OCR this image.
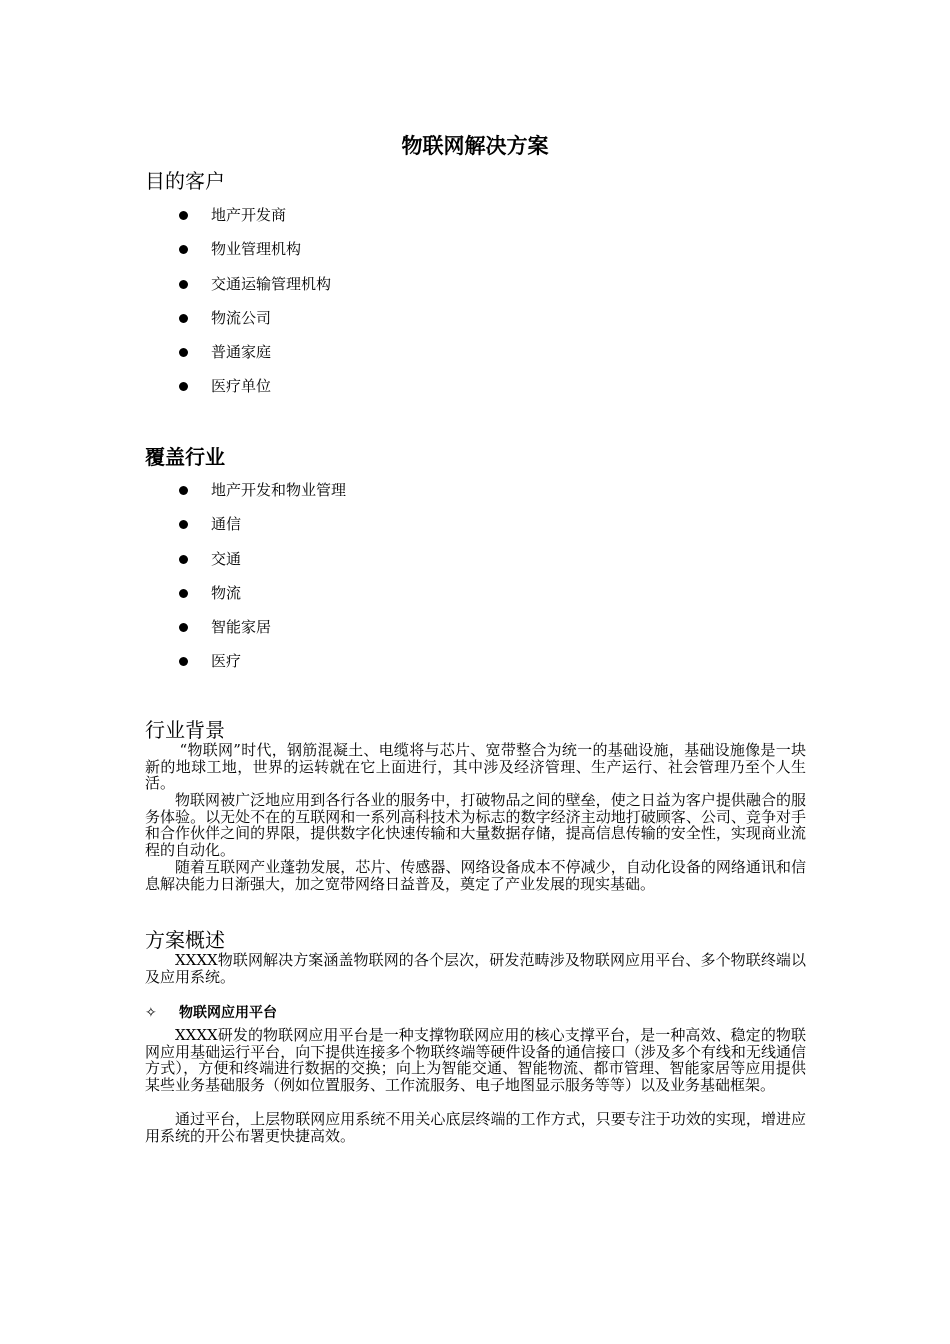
物联网解决方案
目的客户
地产开发商
物业管理机构
交通运输管理机构
物流公司
普通家庭
医疗单位
覆盖行业
地产开发和物业管理
通信
交通
物流
智能家居
医疗
行业背景

“物联网”时代，钢筋混凝土、电缆将与芯片、宽带整合为统一的基础设施，基础设施像是一块新的地球工地，世界的运转就在它上面进行，其中涉及经济管理、生产运行、社会管理乃至个人生活。

物联网被广泛地应用到各行各业的服务中，打破物品之间的壁垒，使之日益为客户提供融合的服务体验。以无处不在的互联网和一系列高科技术为标志的数字经济主动地打破顾客、公司、竞争对手和合作伙伴之间的界限，提供数字化快速传输和大量数据存储，提高信息传输的安全性，实现商业流程的自动化。

随着互联网产业蓬勃发展，芯片、传感器、网络设备成本不停减少，自动化设备的网络通讯和信息解决能力日渐强大，加之宽带网络日益普及，奠定了产业发展的现实基础。

方案概述

XXXX物联网解决方案涵盖物联网的各个层次，研发范畴涉及物联网应用平台、多个物联终端以及应用系统。

✧ 物联网应用平台

XXXX研发的物联网应用平台是一种支撑物联网应用的核心支撑平台，是一种高效、稳定的物联网应用基础运行平台，向下提供连接多个物联终端等硬件设备的通信接口（涉及多个有线和无线通信方式），方便和终端进行数据的交换；向上为智能交通、智能物流、都市管理、智能家居等应用提供某些业务基础服务（例如位置服务、工作流服务、电子地图显示服务等等）以及业务基础框架。

通过平台，上层物联网应用系统不用关心底层终端的工作方式，只要专注于功效的实现，增进应用系统的开公布署更快捷高效。
